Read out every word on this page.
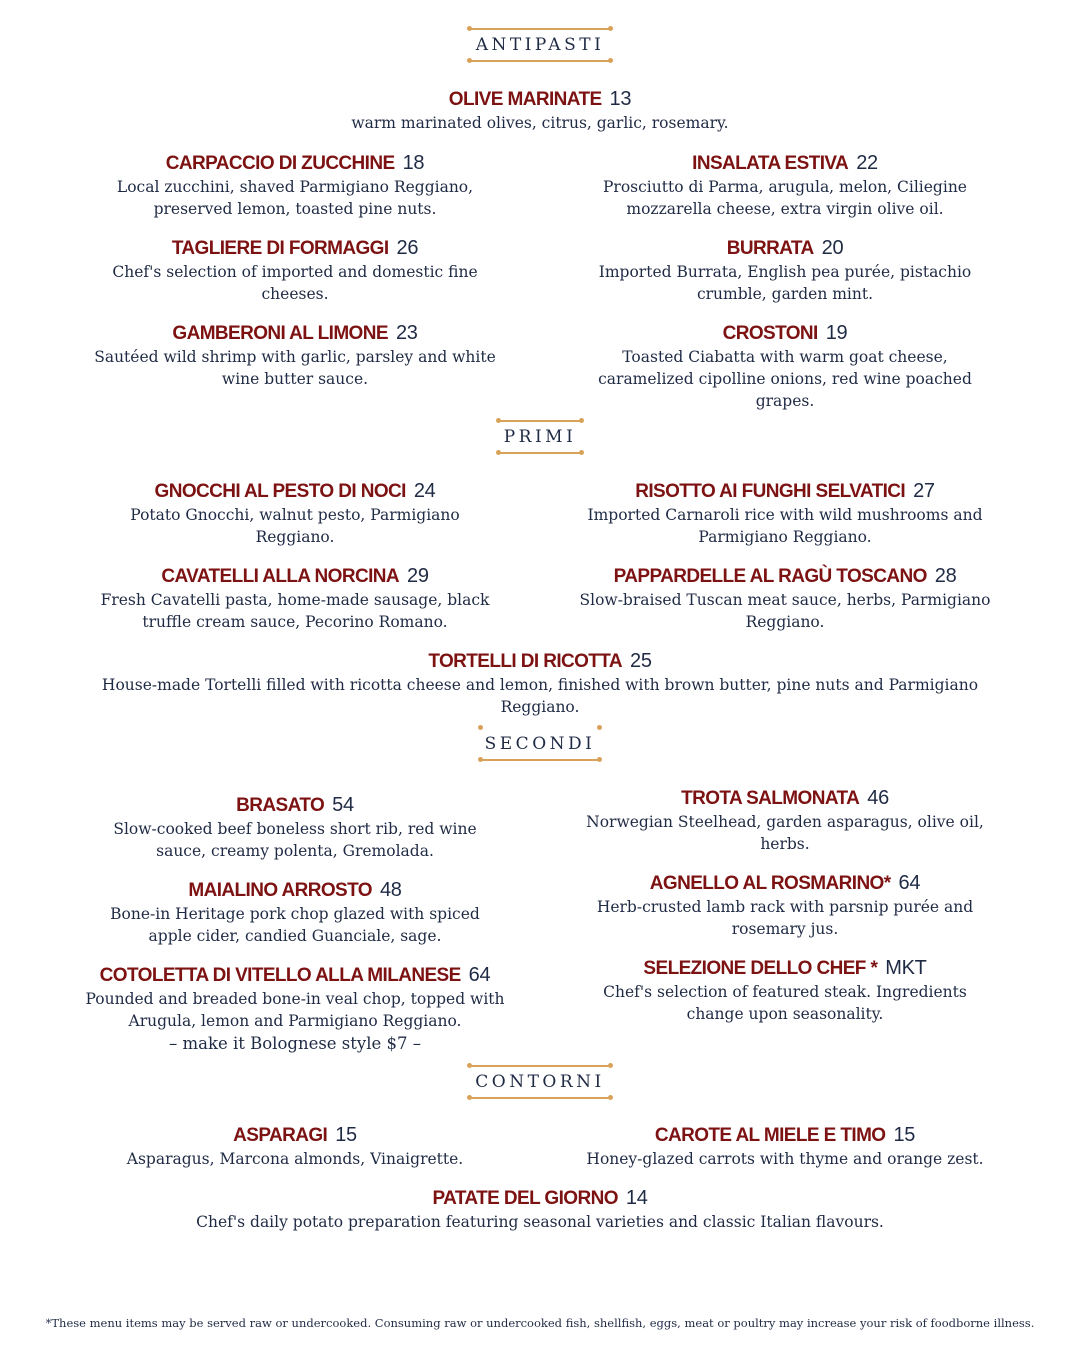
ANTIPASTI
OLIVE MARINATE 13
warm marinated olives, citrus, garlic, rosemary.
CARPACCIO DI ZUCCHINE 18
Local zucchini, shaved Parmigiano Reggiano, preserved lemon, toasted pine nuts.
INSALATA ESTIVA 22
Prosciutto di Parma, arugula, melon, Ciliegine mozzarella cheese, extra virgin olive oil.
TAGLIERE DI FORMAGGI 26
Chef's selection of imported and domestic fine cheeses.
BURRATA 20
Imported Burrata, English pea purée, pistachio crumble, garden mint.
GAMBERONI AL LIMONE 23
Sautéed wild shrimp with garlic, parsley and white wine butter sauce.
CROSTONI 19
Toasted Ciabatta with warm goat cheese, caramelized cipolline onions, red wine poached grapes.
PRIMI
GNOCCHI AL PESTO DI NOCI 24
Potato Gnocchi, walnut pesto, Parmigiano Reggiano.
RISOTTO AI FUNGHI SELVATICI 27
Imported Carnaroli rice with wild mushrooms and Parmigiano Reggiano.
CAVATELLI ALLA NORCINA 29
Fresh Cavatelli pasta, home-made sausage, black truffle cream sauce, Pecorino Romano.
PAPPARDELLE AL RAGÙ TOSCANO 28
Slow-braised Tuscan meat sauce, herbs, Parmigiano Reggiano.
TORTELLI DI RICOTTA 25
House-made Tortelli filled with ricotta cheese and lemon, finished with brown butter, pine nuts and Parmigiano Reggiano.
SECONDI
BRASATO 54
Slow-cooked beef boneless short rib, red wine sauce, creamy polenta, Gremolada.
TROTA SALMONATA 46
Norwegian Steelhead, garden asparagus, olive oil, herbs.
MAIALINO ARROSTO 48
Bone-in Heritage pork chop glazed with spiced apple cider, candied Guanciale, sage.
AGNELLO AL ROSMARINO* 64
Herb-crusted lamb rack with parsnip purée and rosemary jus.
COTOLETTA DI VITELLO ALLA MILANESE 64
Pounded and breaded bone-in veal chop, topped with Arugula, lemon and Parmigiano Reggiano.
– make it Bolognese style $7 –
SELEZIONE DELLO CHEF * MKT
Chef's selection of featured steak. Ingredients change upon seasonality.
CONTORNI
ASPARAGI 15
Asparagus, Marcona almonds, Vinaigrette.
CAROTE AL MIELE E TIMO 15
Honey-glazed carrots with thyme and orange zest.
PATATE DEL GIORNO 14
Chef's daily potato preparation featuring seasonal varieties and classic Italian flavours.
*These menu items may be served raw or undercooked. Consuming raw or undercooked fish, shellfish, eggs, meat or poultry may increase your risk of foodborne illness.
